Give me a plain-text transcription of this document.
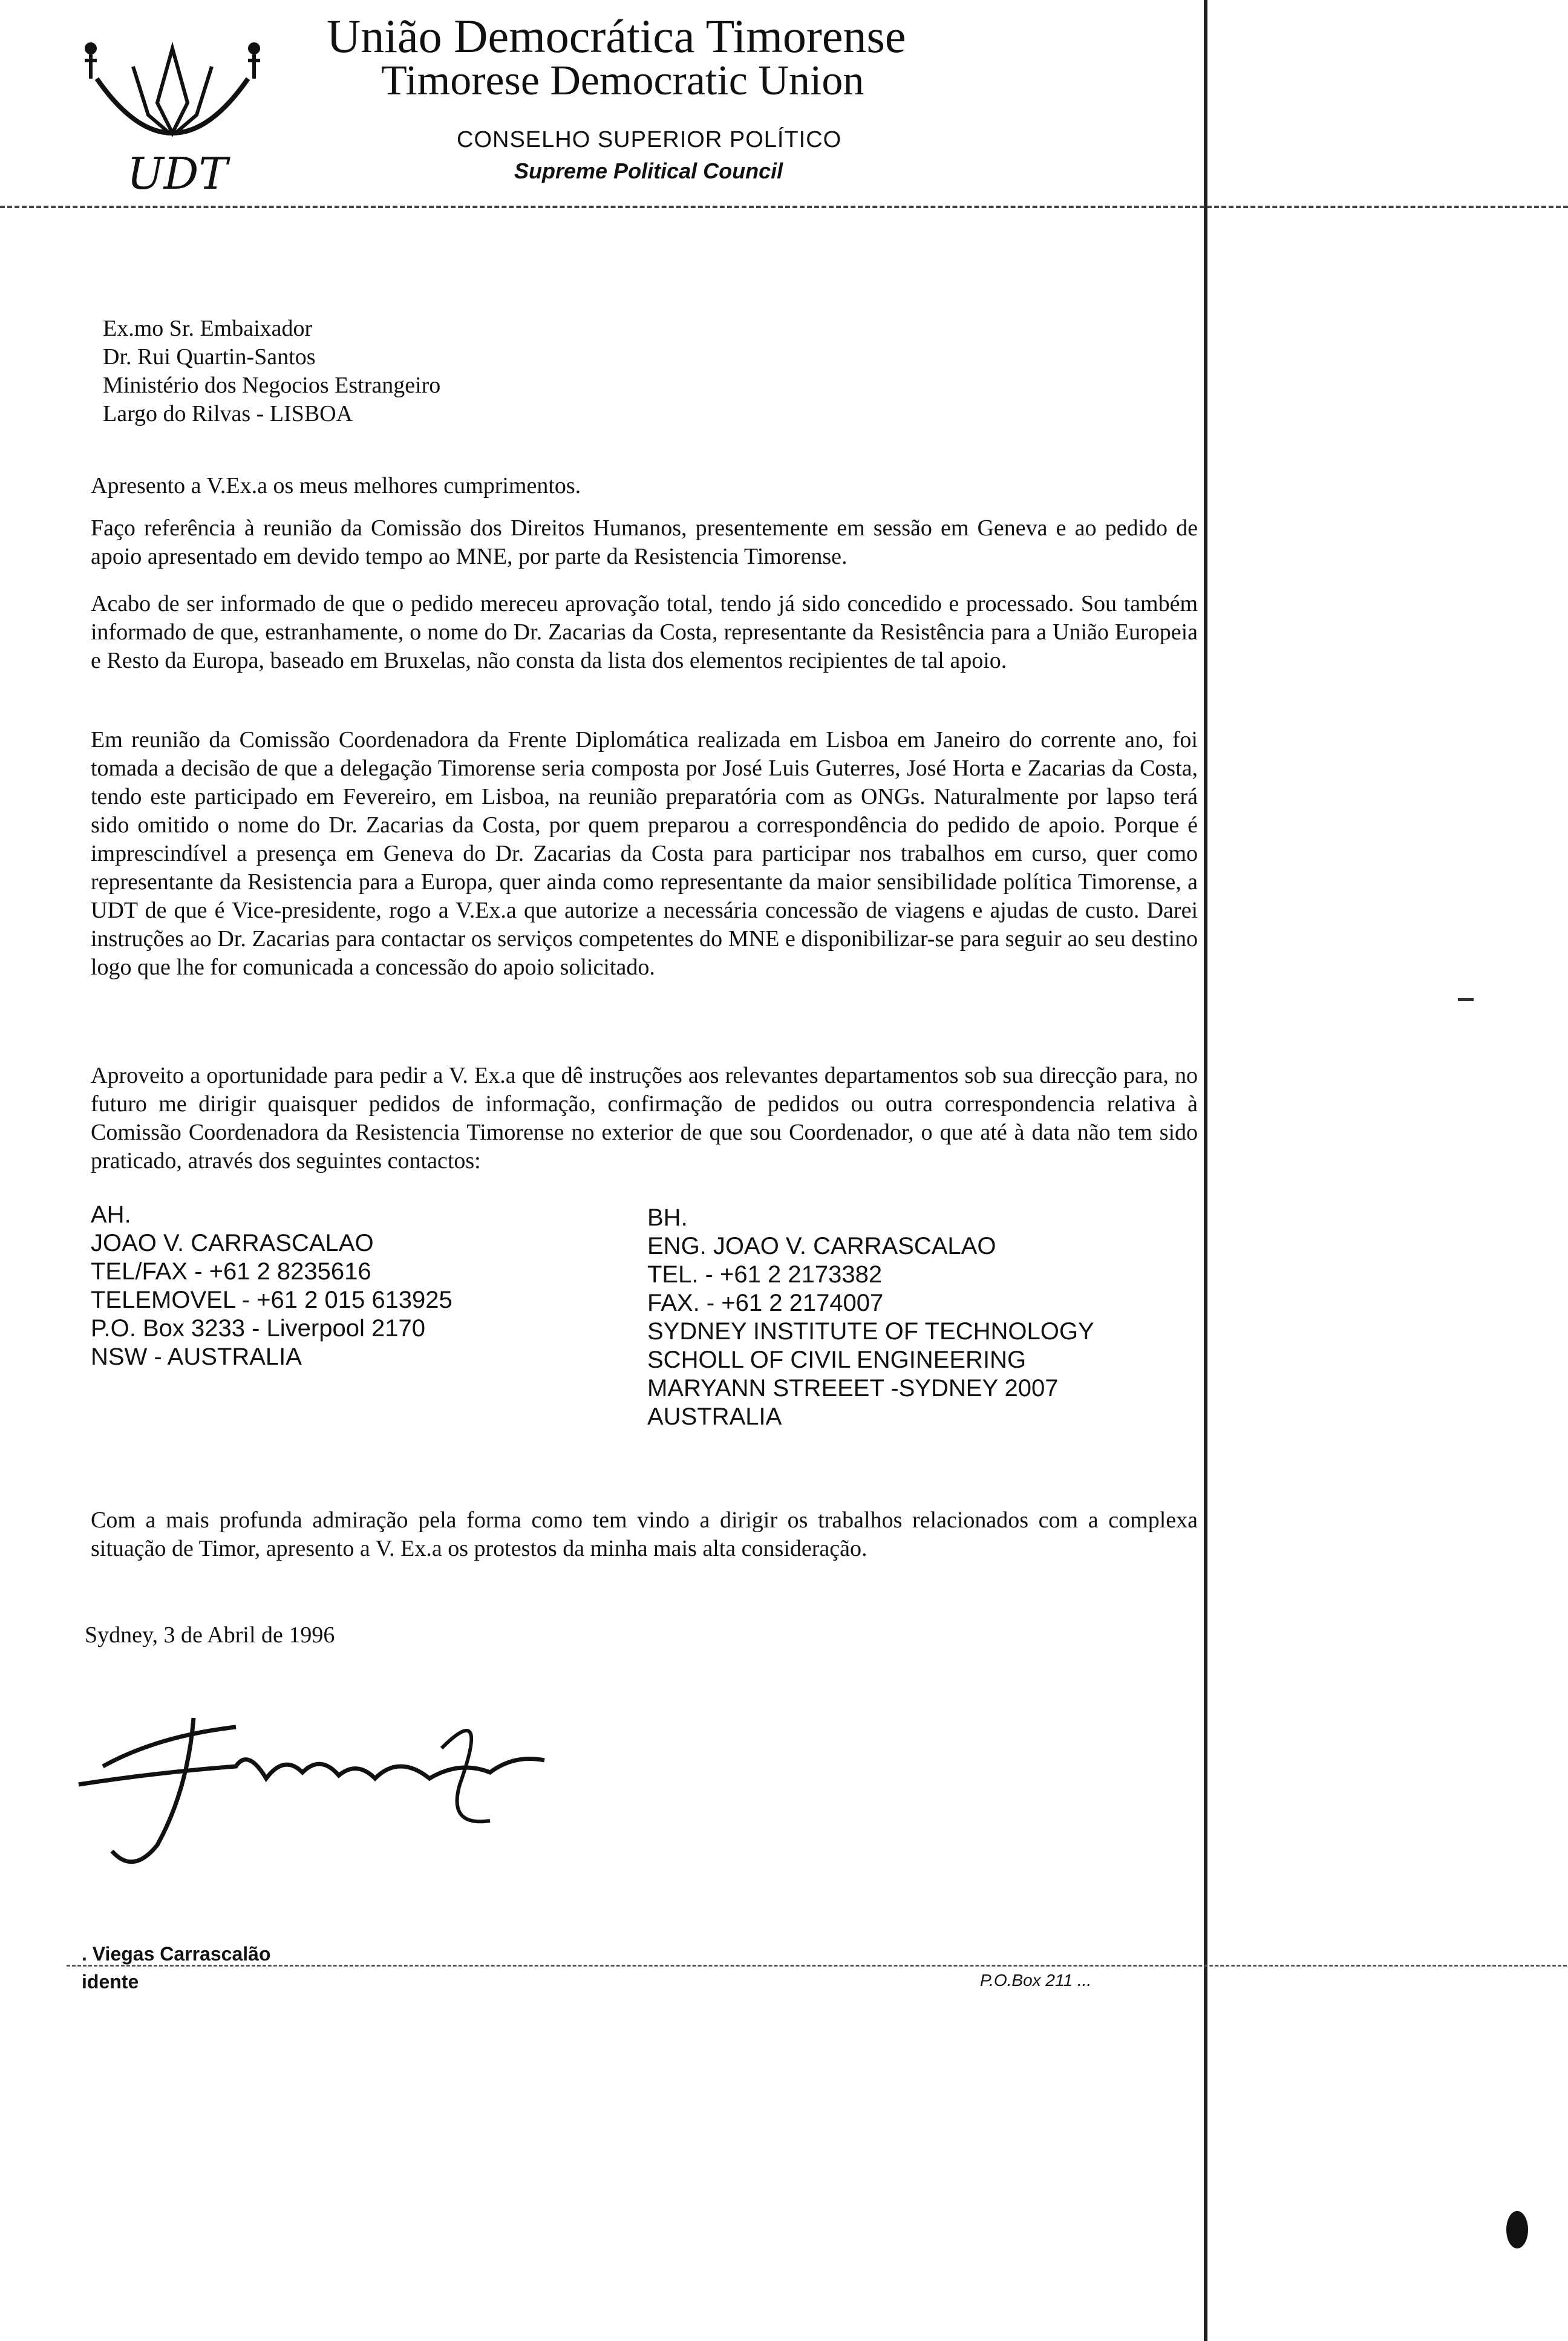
UDT
União Democrática Timorense
Timorese Democratic Union
CONSELHO SUPERIOR POLÍTICO
Supreme Political Council
Ex.mo Sr. Embaixador
Dr. Rui Quartin-Santos
Ministério dos Negocios Estrangeiro
Largo do Rilvas - LISBOA
Apresento a V.Ex.a os meus melhores cumprimentos.
Faço referência à reunião da Comissão dos Direitos Humanos, presentemente em sessão em Geneva e ao pedido de apoio apresentado em devido tempo ao MNE, por parte da Resistencia Timorense.
Acabo de ser informado de que o pedido mereceu aprovação total, tendo já sido concedido e processado. Sou também informado de que, estranhamente, o nome do Dr. Zacarias da Costa, representante da Resistência para a União Europeia e Resto da Europa, baseado em Bruxelas, não consta da lista dos elementos recipientes de tal apoio.
Em reunião da Comissão Coordenadora da Frente Diplomática realizada em Lisboa em Janeiro do corrente ano, foi tomada a decisão de que a delegação Timorense seria composta por José Luis Guterres, José Horta e Zacarias da Costa, tendo este participado em Fevereiro, em Lisboa, na reunião preparatória com as ONGs. Naturalmente por lapso terá sido omitido o nome do Dr. Zacarias da Costa, por quem preparou a correspondência do pedido de apoio. Porque é imprescindível a presença em Geneva do Dr. Zacarias da Costa para participar nos trabalhos em curso, quer como representante da Resistencia para a Europa, quer ainda como representante da maior sensibilidade política Timorense, a UDT de que é Vice-presidente, rogo a V.Ex.a que autorize a necessária concessão de viagens e ajudas de custo. Darei instruções ao Dr. Zacarias para contactar os serviços competentes do MNE e disponibilizar-se para seguir ao seu destino logo que lhe for comunicada a concessão do apoio solicitado.
Aproveito a oportunidade para pedir a V. Ex.a que dê instruções aos relevantes departamentos sob sua direcção para, no futuro me dirigir quaisquer pedidos de informação, confirmação de pedidos ou outra correspondencia relativa à Comissão Coordenadora da Resistencia Timorense no exterior de que sou Coordenador, o que até à data não tem sido praticado, através dos seguintes contactos:
AH.
JOAO V. CARRASCALAO
TEL/FAX - +61 2 8235616
TELEMOVEL - +61 2 015 613925
P.O. Box 3233 - Liverpool 2170
NSW - AUSTRALIA
BH.
ENG. JOAO V. CARRASCALAO
TEL. - +61 2 2173382
FAX. - +61 2 2174007
SYDNEY INSTITUTE OF TECHNOLOGY
SCHOLL OF CIVIL ENGINEERING
MARYANN STREEET -SYDNEY 2007
AUSTRALIA
Com a mais profunda admiração pela forma como tem vindo a dirigir os trabalhos relacionados com a complexa situação de Timor, apresento a V. Ex.a os protestos da minha mais alta consideração.
Sydney, 3 de Abril de 1996
. Viegas Carrascalão
idente	P.O.Box 211 ...
